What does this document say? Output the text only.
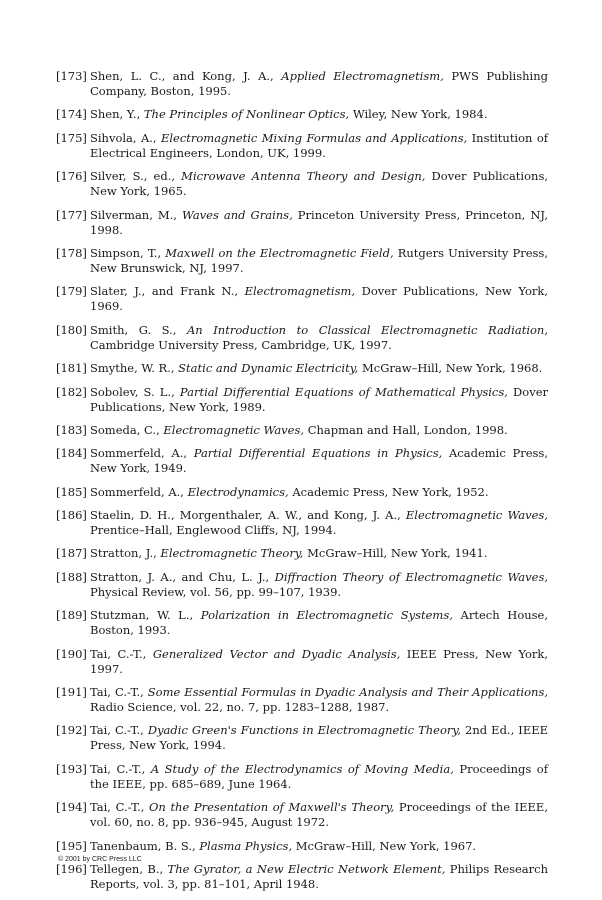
[173] Shen, L. C., and Kong, J. A., Applied Electromagnetism, PWS Publishing Company, Boston, 1995.
[174] Shen, Y., The Principles of Nonlinear Optics, Wiley, New York, 1984.
[175] Sihvola, A., Electromagnetic Mixing Formulas and Applications, Institution of Electrical Engineers, London, UK, 1999.
[176] Silver, S., ed., Microwave Antenna Theory and Design, Dover Publications, New York, 1965.
[177] Silverman, M., Waves and Grains, Princeton University Press, Princeton, NJ, 1998.
[178] Simpson, T., Maxwell on the Electromagnetic Field, Rutgers University Press, New Brunswick, NJ, 1997.
[179] Slater, J., and Frank N., Electromagnetism, Dover Publications, New York, 1969.
[180] Smith, G. S., An Introduction to Classical Electromagnetic Radiation, Cambridge University Press, Cambridge, UK, 1997.
[181] Smythe, W. R., Static and Dynamic Electricity, McGraw–Hill, New York, 1968.
[182] Sobolev, S. L., Partial Differential Equations of Mathematical Physics, Dover Publications, New York, 1989.
[183] Someda, C., Electromagnetic Waves, Chapman and Hall, London, 1998.
[184] Sommerfeld, A., Partial Differential Equations in Physics, Academic Press, New York, 1949.
[185] Sommerfeld, A., Electrodynamics, Academic Press, New York, 1952.
[186] Staelin, D. H., Morgenthaler, A. W., and Kong, J. A., Electromagnetic Waves, Prentice–Hall, Englewood Cliffs, NJ, 1994.
[187] Stratton, J., Electromagnetic Theory, McGraw–Hill, New York, 1941.
[188] Stratton, J. A., and Chu, L. J., Diffraction Theory of Electromagnetic Waves, Physical Review, vol. 56, pp. 99–107, 1939.
[189] Stutzman, W. L., Polarization in Electromagnetic Systems, Artech House, Boston, 1993.
[190] Tai, C.-T., Generalized Vector and Dyadic Analysis, IEEE Press, New York, 1997.
[191] Tai, C.-T., Some Essential Formulas in Dyadic Analysis and Their Applications, Radio Science, vol. 22, no. 7, pp. 1283–1288, 1987.
[192] Tai, C.-T., Dyadic Green's Functions in Electromagnetic Theory, 2nd Ed., IEEE Press, New York, 1994.
[193] Tai, C.-T., A Study of the Electrodynamics of Moving Media, Proceedings of the IEEE, pp. 685–689, June 1964.
[194] Tai, C.-T., On the Presentation of Maxwell's Theory, Proceedings of the IEEE, vol. 60, no. 8, pp. 936–945, August 1972.
[195] Tanenbaum, B. S., Plasma Physics, McGraw–Hill, New York, 1967.
[196] Tellegen, B., The Gyrator, a New Electric Network Element, Philips Research Reports, vol. 3, pp. 81–101, April 1948.
© 2001 by CRC Press LLC
